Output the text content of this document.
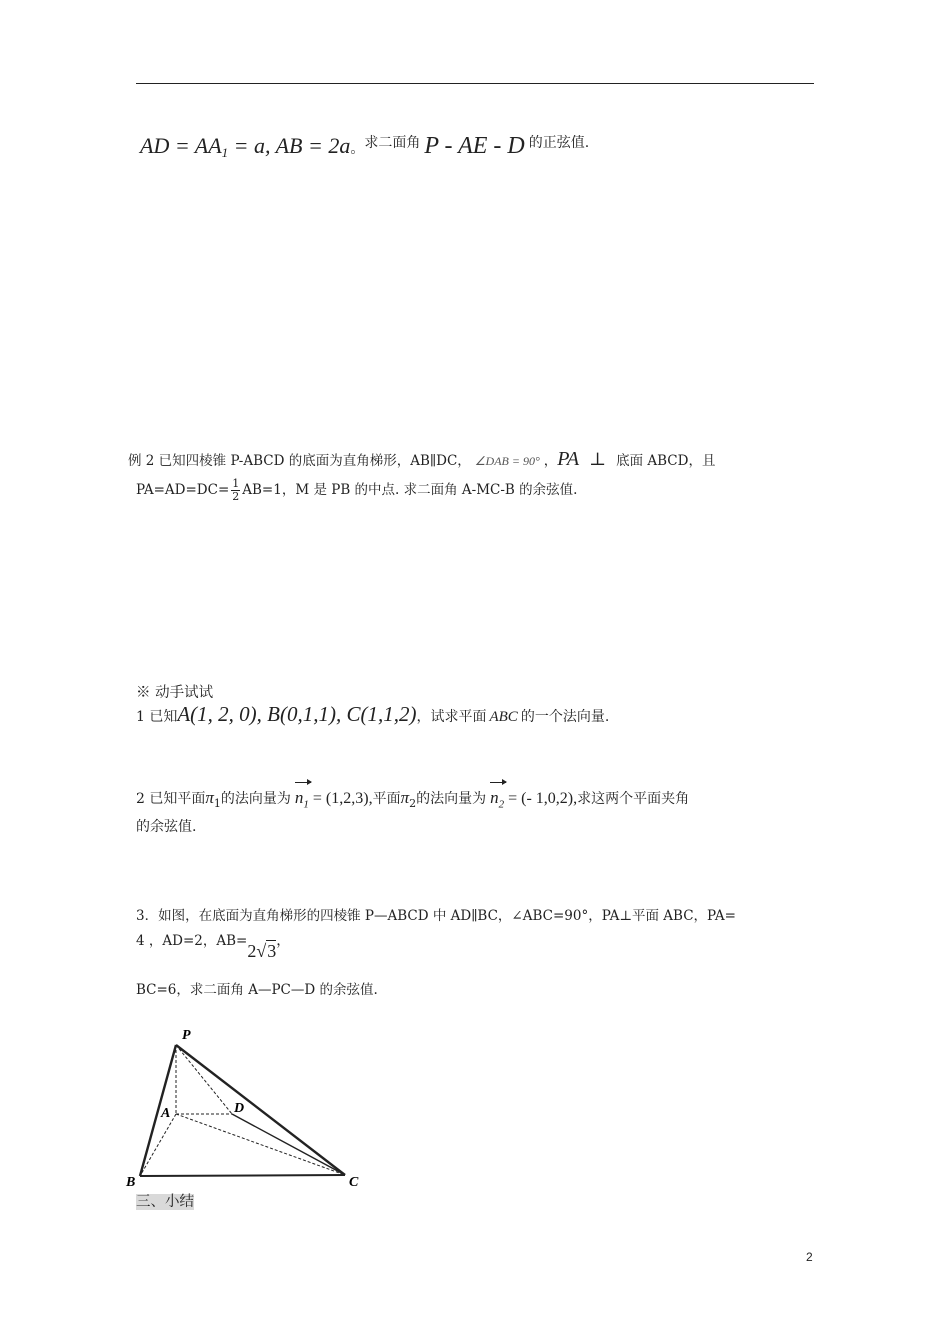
AD = $AA_1 = a$, AB = 2a。求二面角 P - AE - D 的正弦值.
例 2 已知四棱锥 P-ABCD 的底面为直角梯形，AB∥DC， ∠DAB = 90° ，PA ⊥ 底面 ABCD，且
$PA=AD=DC= \frac{1}{2} AB=1$，M 是 PB 的中点. 求二面角 A-MC-B 的余弦值.
※ 动手试试
1 已知A(1, 2, 0), B(0,1,1), C(1,1,2)，试求平面 ABC 的一个法向量.
2 已知平面$\pi_1$的法向量为 $n_1 = (1,2,3)$,平面$\pi_2$的法向量为 $n_2$ = (- 1,0,2),求这两个平面夹角
的余弦值.
3．如图，在底面为直角梯形的四棱锥 P—ABCD 中 AD∥BC，∠ABC=90°，PA⊥平面 ABC，PA=
4 ，AD=2，AB=2√3，
BC=6，求二面角 A—PC—D 的余弦值.
P
A	D
B	C
三、小结
2
